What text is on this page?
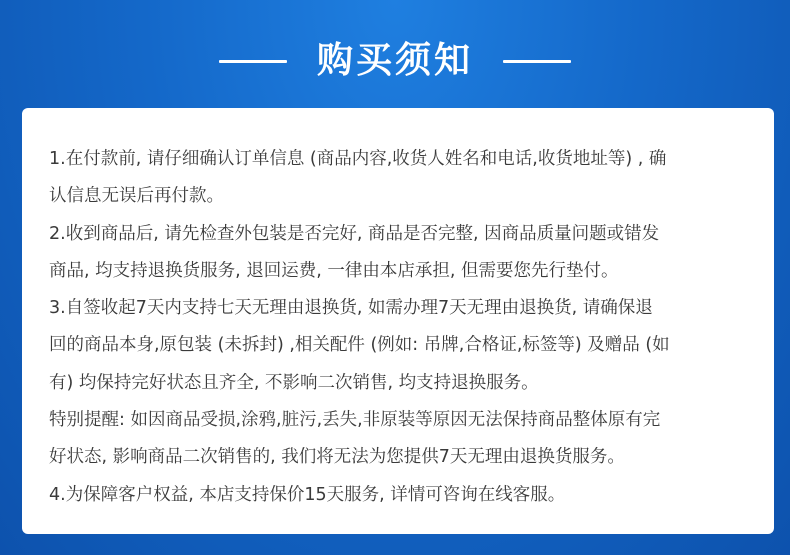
购买须知

1.在付款前, 请仔细确认订单信息 (商品内容,收货人姓名和电话,收货地址等) , 确

认信息无误后再付款。

2.收到商品后, 请先检查外包装是否完好, 商品是否完整, 因商品质量问题或错发

商品, 均支持退换货服务, 退回运费, 一律由本店承担, 但需要您先行垫付。

3.自签收起7天内支持七天无理由退换货, 如需办理7天无理由退换货, 请确保退

回的商品本身,原包装 (未拆封) ,相关配件 (例如: 吊牌,合格证,标签等) 及赠品 (如

有) 均保持完好状态且齐全, 不影响二次销售, 均支持退换服务。

特别提醒: 如因商品受损,涂鸦,脏污,丢失,非原装等原因无法保持商品整体原有完

好状态, 影响商品二次销售的, 我们将无法为您提供7天无理由退换货服务。

4.为保障客户权益, 本店支持保价15天服务, 详情可咨询在线客服。
